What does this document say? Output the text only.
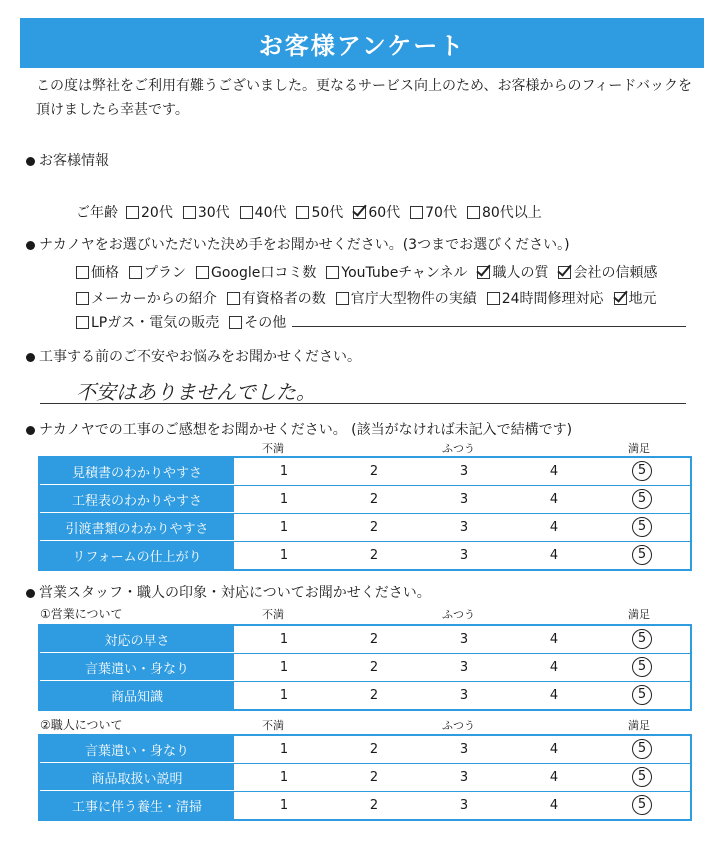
お客様アンケート
この度は弊社をご利用有難うございました。更なるサービス向上のため、お客様からのフィードバックを頂けましたら幸甚です。
お客様情報
ご年齢 20代 30代 40代 50代 60代 70代 80代以上
ナカノヤをお選びいただいた決め手をお聞かせください。(3つまでお選びください。)
価格 プラン Google口コミ数 YouTubeチャンネル 職人の質 会社の信頼感
メーカーからの紹介 有資格者の数 官庁大型物件の実績 24時間修理対応 地元
LPガス・電気の販売 その他
工事する前のご不安やお悩みをお聞かせください。
不安はありませんでした。
ナカノヤでの工事のご感想をお聞かせください。 (該当がなければ未記入で結構です)
不満	ふつう	満足
見積書のわかりやすさ	1	2	3	4	5
工程表のわかりやすさ	1	2	3	4	5
引渡書類のわかりやすさ	1	2	3	4	5
リフォームの仕上がり	1	2	3	4	5
営業スタッフ・職人の印象・対応についてお聞かせください。
①営業について	不満	ふつう	満足
対応の早さ	1	2	3	4	5
言葉遣い・身なり	1	2	3	4	5
商品知識	1	2	3	4	5
②職人について	不満	ふつう	満足
言葉遣い・身なり	1	2	3	4	5
商品取扱い説明	1	2	3	4	5
工事に伴う養生・清掃	1	2	3	4	5
